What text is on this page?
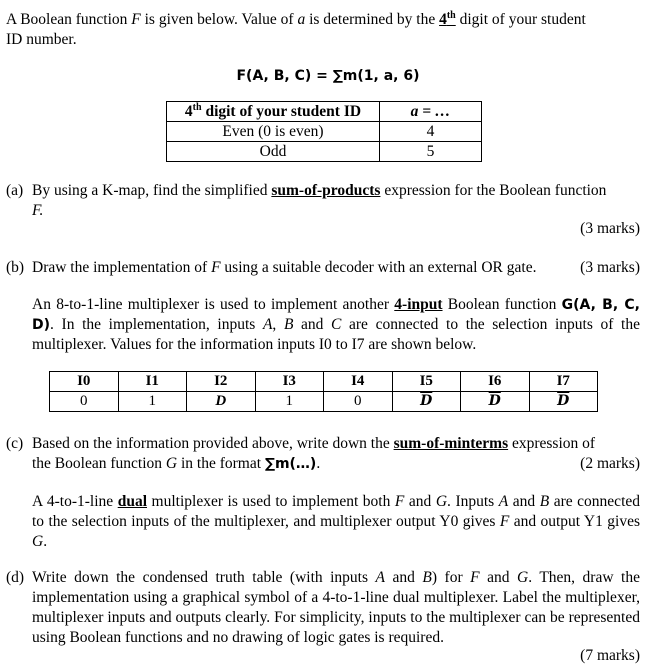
A Boolean function F is given below. Value of a is determined by the 4th digit of your student
ID number.
F(A, B, C) = ∑m(1, a, 6)
4th digit of your student ID	a = …
Even (0 is even)	4
Odd	5
(a) By using a K-map, find the simplified sum-of-products expression for the Boolean function
F.
(3 marks)
(b) Draw the implementation of F using a suitable decoder with an external OR gate.	(3 marks)
An 8-to-1-line multiplexer is used to implement another 4-input Boolean function G(A, B, C, D). In the implementation, inputs A, B and C are connected to the selection inputs of the multiplexer. Values for the information inputs I0 to I7 are shown below.
I0	I1	I2	I3	I4	I5	I6	I7
0	1	D	1	0	$\overline{D}$	$\overline{D}$	$\overline{D}$
(c) Based on the information provided above, write down the sum-of-minterms expression of
the Boolean function G in the format ∑m(…).	(2 marks)
A 4-to-1-line dual multiplexer is used to implement both F and G. Inputs A and B are connected to the selection inputs of the multiplexer, and multiplexer output Y0 gives F and output Y1 gives G.
(d) Write down the condensed truth table (with inputs A and B) for F and G. Then, draw the implementation using a graphical symbol of a 4-to-1-line dual multiplexer. Label the multiplexer, multiplexer inputs and outputs clearly. For simplicity, inputs to the multiplexer can be represented using Boolean functions and no drawing of logic gates is required.
(7 marks)
